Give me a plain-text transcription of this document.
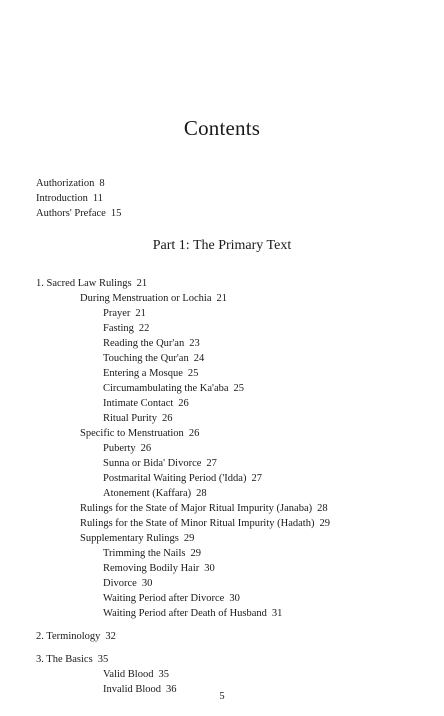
Contents
Authorization 8
Introduction 11
Authors' Preface 15
Part 1: The Primary Text
1. Sacred Law Rulings 21
During Menstruation or Lochia 21
Prayer 21
Fasting 22
Reading the Qur'an 23
Touching the Qur'an 24
Entering a Mosque 25
Circumambulating the Ka'aba 25
Intimate Contact 26
Ritual Purity 26
Specific to Menstruation 26
Puberty 26
Sunna or Bida' Divorce 27
Postmarital Waiting Period ('Idda) 27
Atonement (Kaffara) 28
Rulings for the State of Major Ritual Impurity (Janaba) 28
Rulings for the State of Minor Ritual Impurity (Hadath) 29
Supplementary Rulings 29
Trimming the Nails 29
Removing Bodily Hair 30
Divorce 30
Waiting Period after Divorce 30
Waiting Period after Death of Husband 31
2. Terminology 32
3. The Basics 35
Valid Blood 35
Invalid Blood 36
5
